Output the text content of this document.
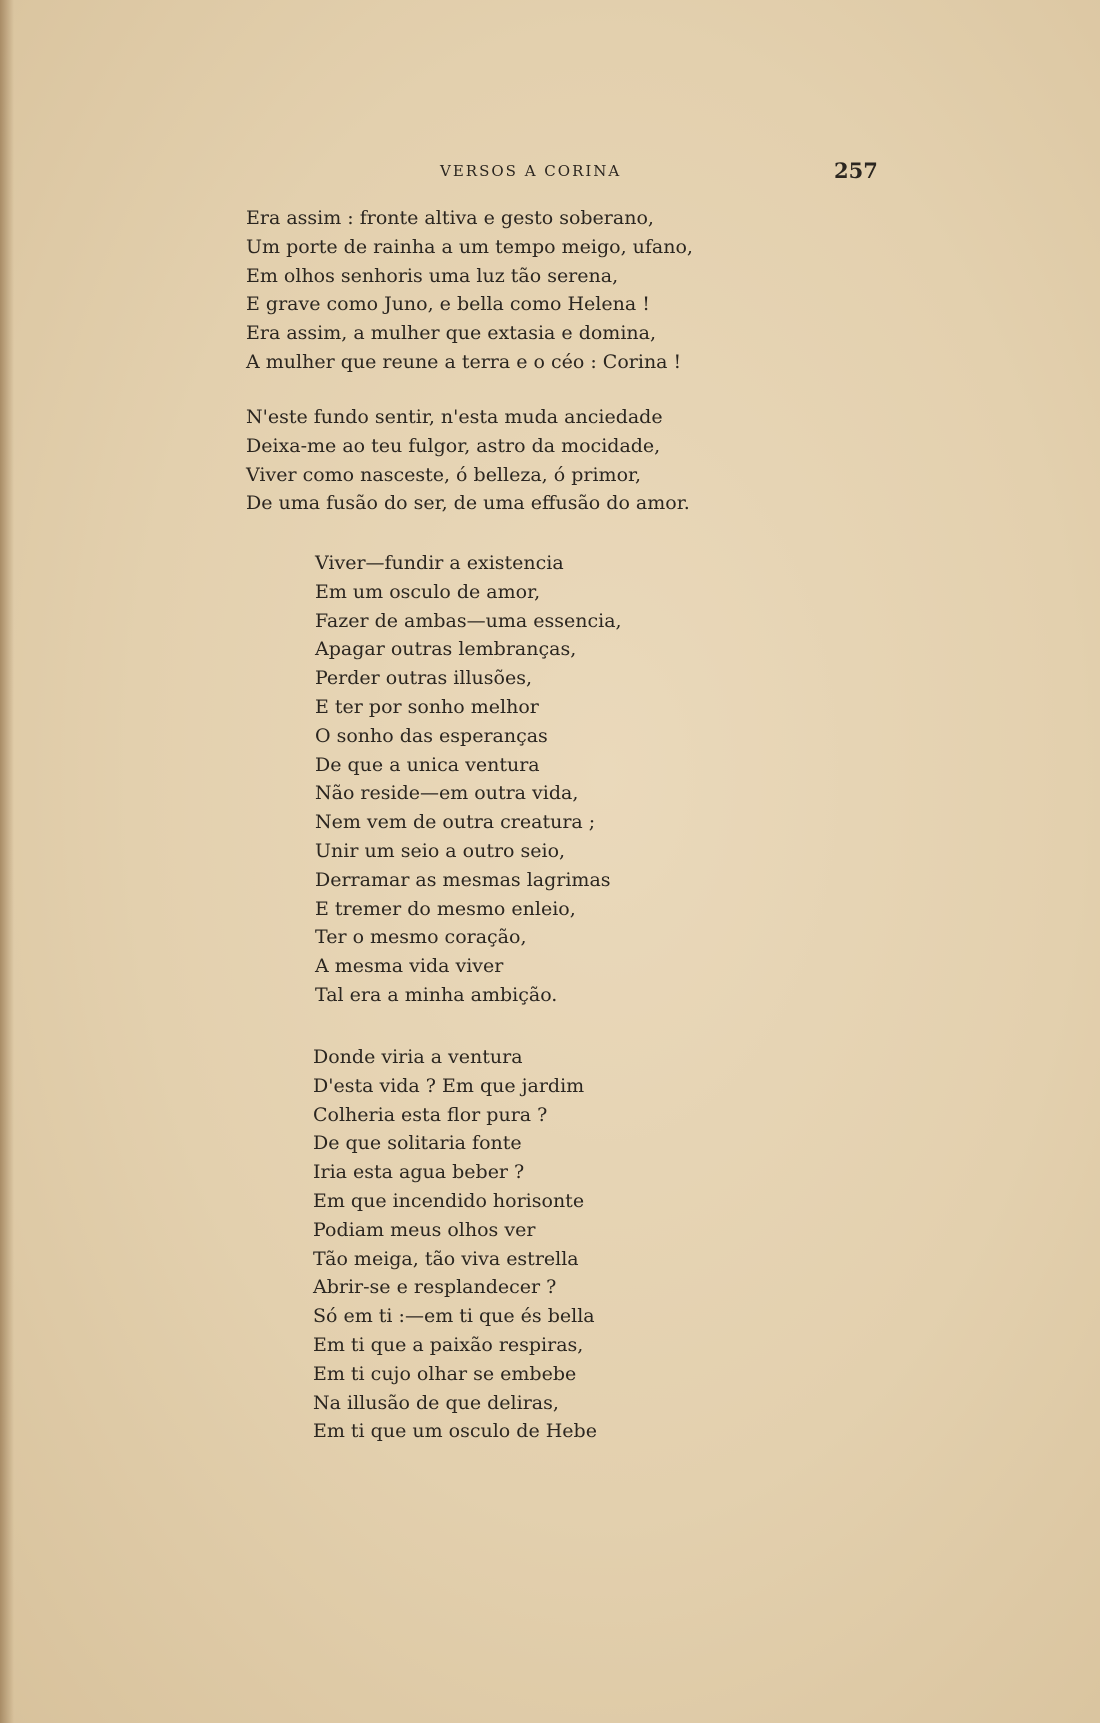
VERSOS A CORINA	257
Era assim : fronte altiva e gesto soberano,
Um porte de rainha a um tempo meigo, ufano,
Em olhos senhoris uma luz tão serena,
E grave como Juno, e bella como Helena !
Era assim, a mulher que extasia e domina,
A mulher que reune a terra e o céo : Corina !
N'este fundo sentir, n'esta muda anciedade
Deixa-me ao teu fulgor, astro da mocidade,
Viver como nasceste, ó belleza, ó primor,
De uma fusão do ser, de uma effusão do amor.
Viver—fundir a existencia
Em um osculo de amor,
Fazer de ambas—uma essencia,
Apagar outras lembranças,
Perder outras illusões,
E ter por sonho melhor
O sonho das esperanças
De que a unica ventura
Não reside—em outra vida,
Nem vem de outra creatura ;
Unir um seio a outro seio,
Derramar as mesmas lagrimas
E tremer do mesmo enleio,
Ter o mesmo coração,
A mesma vida viver
Tal era a minha ambição.
Donde viria a ventura
D'esta vida ? Em que jardim
Colheria esta flor pura ?
De que solitaria fonte
Iria esta agua beber ?
Em que incendido horisonte
Podiam meus olhos ver
Tão meiga, tão viva estrella
Abrir-se e resplandecer ?
Só em ti :—em ti que és bella
Em ti que a paixão respiras,
Em ti cujo olhar se embebe
Na illusão de que deliras,
Em ti que um osculo de Hebe
